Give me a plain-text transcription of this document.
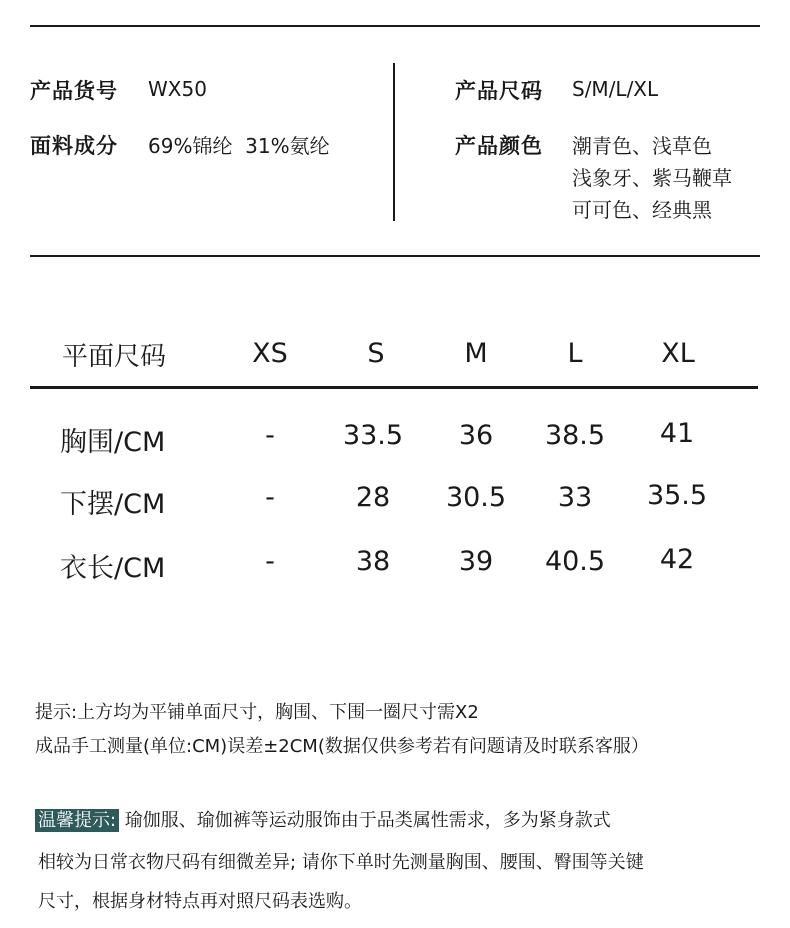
产品货号 WX50
面料成分 69%锦纶  31%氨纶
产品尺码 S/M/L/XL
产品颜色 潮青色、浅草色
浅象牙、紫马鞭草
可可色、经典黑
平面尺码	XS	S	M	L	XL
胸围/CM	-	33.5 36 38.5 41
下摆/CM	-	28 30.5 33 35.5
衣长/CM	-	38	39 40.5 42
提示:上方均为平铺单面尺寸，胸围、下围一圈尺寸需X2
成品手工测量(单位:CM)误差±2CM(数据仅供参考若有问题请及时联系客服）
温馨提示: 瑜伽服、瑜伽裤等运动服饰由于品类属性需求，多为紧身款式
相较为日常衣物尺码有细微差异; 请你下单时先测量胸围、腰围、臀围等关键
尺寸，根据身材特点再对照尺码表选购。
